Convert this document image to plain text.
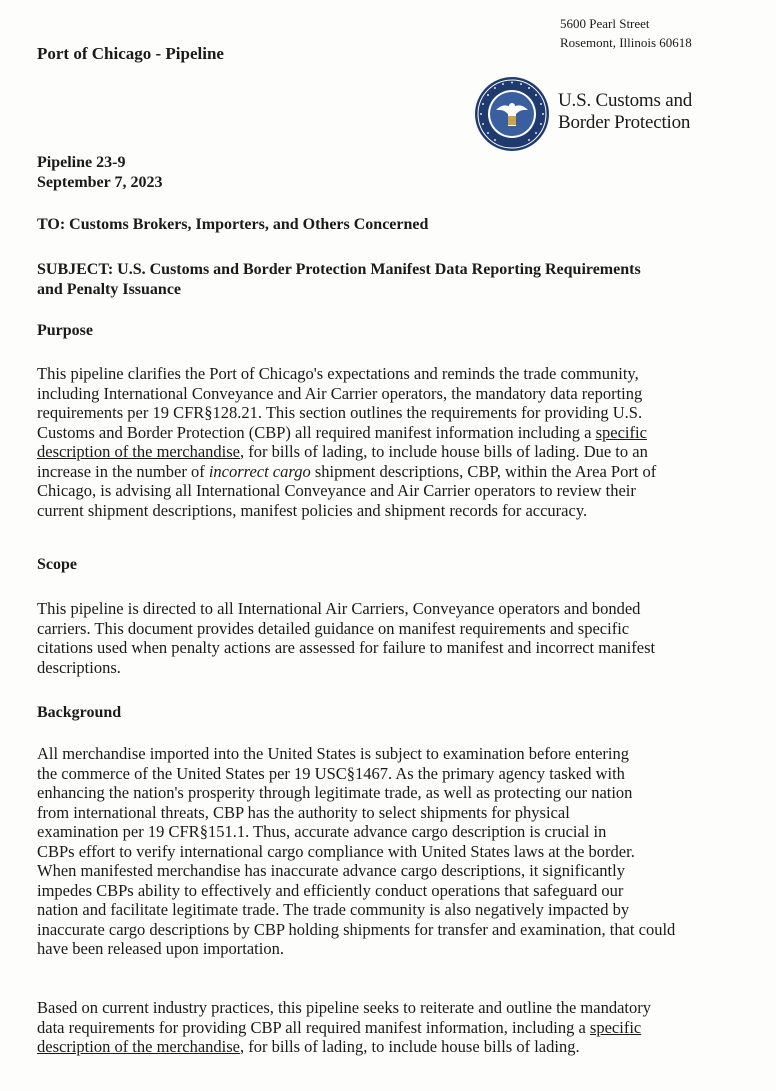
5600 Pearl Street
Rosemont, Illinois 60618
Port of Chicago - Pipeline
U.S. Customs and
Border Protection
Pipeline 23-9
September 7, 2023
TO: Customs Brokers, Importers, and Others Concerned
SUBJECT: U.S. Customs and Border Protection Manifest Data Reporting Requirements
and Penalty Issuance
Purpose
This pipeline clarifies the Port of Chicago's expectations and reminds the trade community,
including International Conveyance and Air Carrier operators, the mandatory data reporting
requirements per 19 CFR§128.21. This section outlines the requirements for providing U.S.
Customs and Border Protection (CBP) all required manifest information including a specific
description of the merchandise, for bills of lading, to include house bills of lading. Due to an
increase in the number of incorrect cargo shipment descriptions, CBP, within the Area Port of
Chicago, is advising all International Conveyance and Air Carrier operators to review their
current shipment descriptions, manifest policies and shipment records for accuracy.
Scope
This pipeline is directed to all International Air Carriers, Conveyance operators and bonded
carriers. This document provides detailed guidance on manifest requirements and specific
citations used when penalty actions are assessed for failure to manifest and incorrect manifest
descriptions.
Background
All merchandise imported into the United States is subject to examination before entering
the commerce of the United States per 19 USC§1467. As the primary agency tasked with
enhancing the nation's prosperity through legitimate trade, as well as protecting our nation
from international threats, CBP has the authority to select shipments for physical
examination per 19 CFR§151.1. Thus, accurate advance cargo description is crucial in
CBPs effort to verify international cargo compliance with United States laws at the border.
When manifested merchandise has inaccurate advance cargo descriptions, it significantly
impedes CBPs ability to effectively and efficiently conduct operations that safeguard our
nation and facilitate legitimate trade. The trade community is also negatively impacted by
inaccurate cargo descriptions by CBP holding shipments for transfer and examination, that could
have been released upon importation.
Based on current industry practices, this pipeline seeks to reiterate and outline the mandatory
data requirements for providing CBP all required manifest information, including a specific
description of the merchandise, for bills of lading, to include house bills of lading.
